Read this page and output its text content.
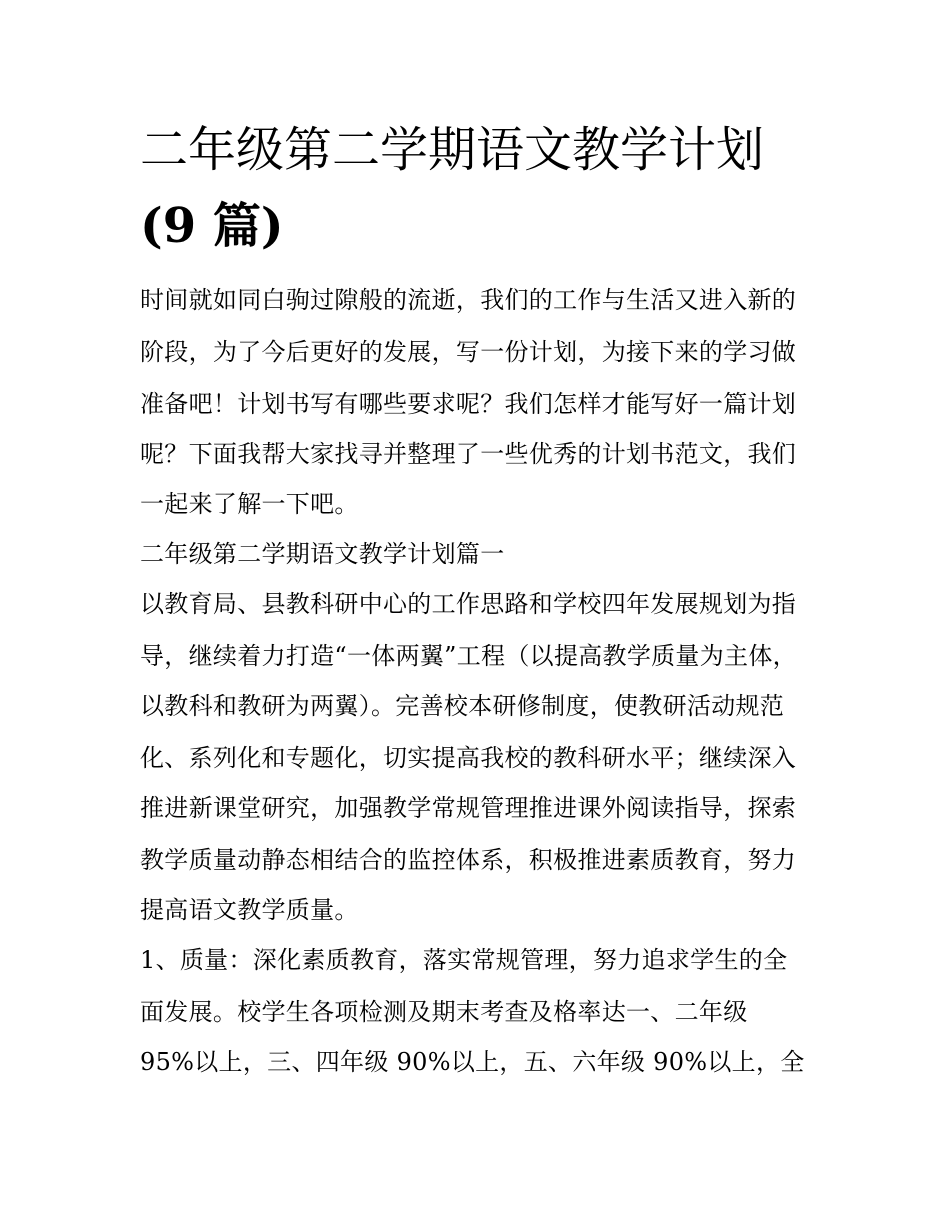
二年级第二学期语文教学计划
(9 篇)
时间就如同白驹过隙般的流逝，我们的工作与生活又进入新的
阶段，为了今后更好的发展，写一份计划，为接下来的学习做
准备吧！计划书写有哪些要求呢？我们怎样才能写好一篇计划
呢？下面我帮大家找寻并整理了一些优秀的计划书范文，我们
一起来了解一下吧。
二年级第二学期语文教学计划篇一
以教育局、县教科研中心的工作思路和学校四年发展规划为指
导，继续着力打造“一体两翼”工程（以提高教学质量为主体，
以教科和教研为两翼）。完善校本研修制度，使教研活动规范
化、系列化和专题化，切实提高我校的教科研水平；继续深入
推进新课堂研究，加强教学常规管理推进课外阅读指导，探索
教学质量动静态相结合的监控体系，积极推进素质教育，努力
提高语文教学质量。
1、质量：深化素质教育，落实常规管理，努力追求学生的全
面发展。校学生各项检测及期末考查及格率达一、二年级
95%以上，三、四年级 90%以上，五、六年级 90%以上，全
